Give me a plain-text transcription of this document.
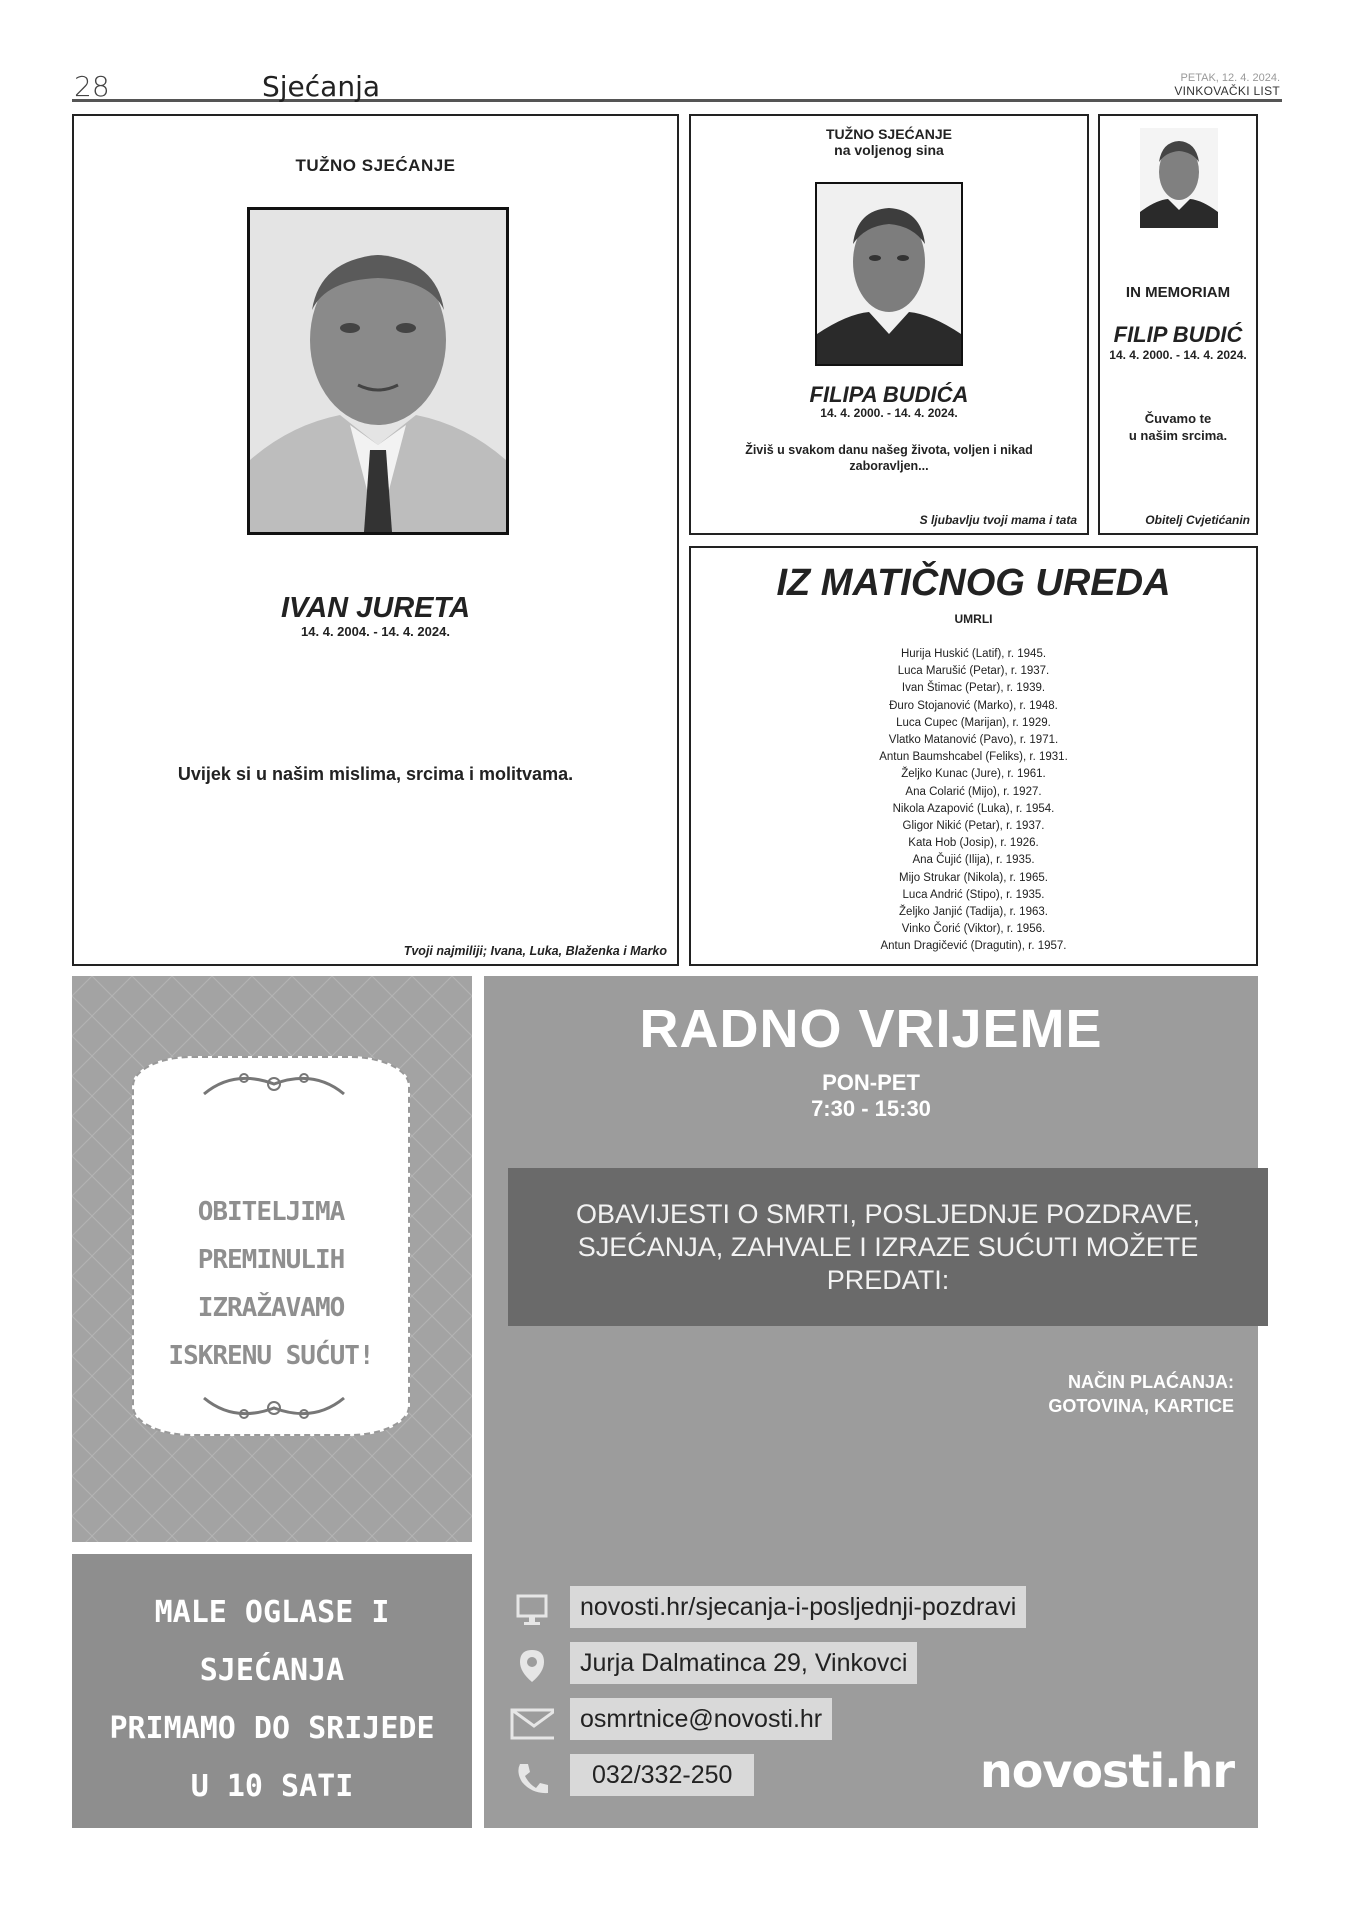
28	Sjećanja	PETAK, 12. 4. 2024.
VINKOVAČKI LIST
TUŽNO SJEĆANJE
IVAN JURETA
14. 4. 2004. - 14. 4. 2024.
Uvijek si u našim mislima, srcima i molitvama.
Tvoji najmiliji; Ivana, Luka, Blaženka i Marko
TUŽNO SJEĆANJE
na voljenog sina
FILIPA BUDIĆA
14. 4. 2000. - 14. 4. 2024.
Živiš u svakom danu našeg života, voljen i nikad zaboravljen...
S ljubavlju tvoji mama i tata
IN MEMORIAM
FILIP BUDIĆ
14. 4. 2000. - 14. 4. 2024.
Čuvamo te
u našim srcima.
Obitelj Cvjetićanin
IZ MATIČNOG UREDA
UMRLI
Hurija Huskić (Latif), r. 1945.
Luca Marušić (Petar), r. 1937.
Ivan Štimac (Petar), r. 1939.
Đuro Stojanović (Marko), r. 1948.
Luca Cupec (Marijan), r. 1929.
Vlatko Matanović (Pavo), r. 1971.
Antun Baumshcabel (Feliks), r. 1931.
Željko Kunac (Jure), r. 1961.
Ana Colarić (Mijo), r. 1927.
Nikola Azapović (Luka), r. 1954.
Gligor Nikić (Petar), r. 1937.
Kata Hob (Josip), r. 1926.
Ana Čujić (Ilija), r. 1935.
Mijo Strukar (Nikola), r. 1965.
Luca Andrić (Stipo), r. 1935.
Željko Janjić (Tadija), r. 1963.
Vinko Čorić (Viktor), r. 1956.
Antun Dragičević (Dragutin), r. 1957.
OBITELJIMA
PREMINULIH
IZRAŽAVAMO
ISKRENU SUĆUT!
MALE OGLASE I
SJEĆANJA
PRIMAMO DO SRIJEDE
U 10 SATI
RADNO VRIJEME
PON-PET
7:30 - 15:30
OBAVIJESTI O SMRTI, POSLJEDNJE POZDRAVE, SJEĆANJA, ZAHVALE I IZRAZE SUĆUTI MOŽETE PREDATI:
NAČIN PLAĆANJA:
GOTOVINA, KARTICE
novosti.hr/sjecanja-i-posljednji-pozdravi
Jurja Dalmatinca 29, Vinkovci
osmrtnice@novosti.hr
032/332-250	novosti.hr
